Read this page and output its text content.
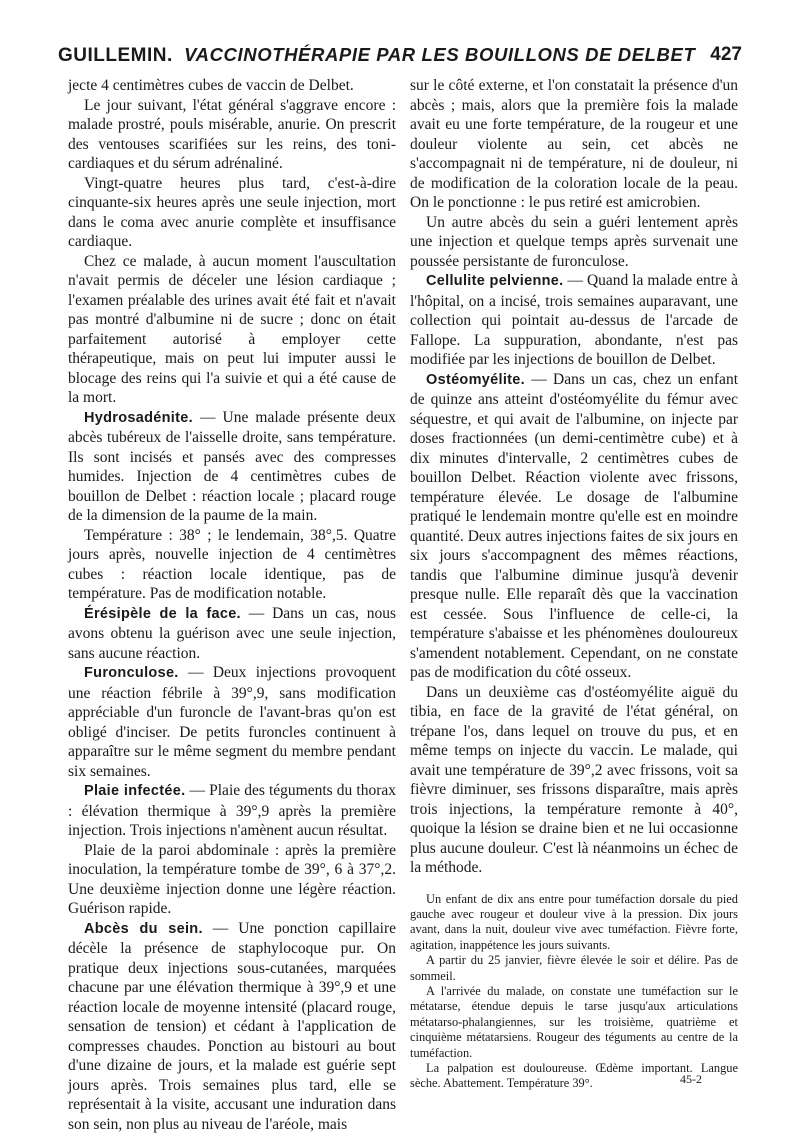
GUILLEMIN. VACCINOTHÉRAPIE PAR LES BOUILLONS DE DELBET 427

jecte 4 centimètres cubes de vaccin de Delbet.

Le jour suivant, l'état général s'aggrave encore : malade prostré, pouls misérable, anurie. On prescrit des ventouses scarifiées sur les reins, des toni-cardiaques et du sérum adrénaliné.

Vingt-quatre heures plus tard, c'est-à-dire cinquante-six heures après une seule injection, mort dans le coma avec anurie complète et insuffisance cardiaque.

Chez ce malade, à aucun moment l'auscultation n'avait permis de déceler une lésion cardiaque ; l'examen préalable des urines avait été fait et n'avait pas montré d'albumine ni de sucre ; donc on était parfaitement autorisé à employer cette thérapeutique, mais on peut lui imputer aussi le blocage des reins qui l'a suivie et qui a été cause de la mort.

Hydrosadénite. — Une malade présente deux abcès tubéreux de l'aisselle droite, sans température. Ils sont incisés et pansés avec des compresses humides. Injection de 4 centimètres cubes de bouillon de Delbet : réaction locale ; placard rouge de la dimension de la paume de la main.

Température : 38° ; le lendemain, 38°,5. Quatre jours après, nouvelle injection de 4 centimètres cubes : réaction locale identique, pas de température. Pas de modification notable.

Érésipèle de la face. — Dans un cas, nous avons obtenu la guérison avec une seule injection, sans aucune réaction.

Furonculose. — Deux injections provoquent une réaction fébrile à 39°,9, sans modification appréciable d'un furoncle de l'avant-bras qu'on est obligé d'inciser. De petits furoncles continuent à apparaître sur le même segment du membre pendant six semaines.

Plaie infectée. — Plaie des téguments du thorax : élévation thermique à 39°,9 après la première injection. Trois injections n'amènent aucun résultat.

Plaie de la paroi abdominale : après la première inoculation, la température tombe de 39°, 6 à 37°,2. Une deuxième injection donne une légère réaction. Guérison rapide.

Abcès du sein. — Une ponction capillaire décèle la présence de staphylocoque pur. On pratique deux injections sous-cutanées, marquées chacune par une élévation thermique à 39°,9 et une réaction locale de moyenne intensité (placard rouge, sensation de tension) et cédant à l'application de compresses chaudes. Ponction au bistouri au bout d'une dizaine de jours, et la malade est guérie sept jours après. Trois semaines plus tard, elle se représentait à la visite, accusant une induration dans son sein, non plus au niveau de l'aréole, mais

sur le côté externe, et l'on constatait la présence d'un abcès ; mais, alors que la première fois la malade avait eu une forte température, de la rougeur et une douleur violente au sein, cet abcès ne s'accompagnait ni de température, ni de douleur, ni de modification de la coloration locale de la peau. On le ponctionne : le pus retiré est amicrobien.

Un autre abcès du sein a guéri lentement après une injection et quelque temps après survenait une poussée persistante de furonculose.

Cellulite pelvienne. — Quand la malade entre à l'hôpital, on a incisé, trois semaines auparavant, une collection qui pointait au-dessus de l'arcade de Fallope. La suppuration, abondante, n'est pas modifiée par les injections de bouillon de Delbet.

Ostéomyélite. — Dans un cas, chez un enfant de quinze ans atteint d'ostéomyélite du fémur avec séquestre, et qui avait de l'albumine, on injecte par doses fractionnées (un demi-centimètre cube) et à dix minutes d'intervalle, 2 centimètres cubes de bouillon Delbet. Réaction violente avec frissons, température élevée. Le dosage de l'albumine pratiqué le lendemain montre qu'elle est en moindre quantité. Deux autres injections faites de six jours en six jours s'accompagnent des mêmes réactions, tandis que l'albumine diminue jusqu'à devenir presque nulle. Elle reparaît dès que la vaccination est cessée. Sous l'influence de celle-ci, la température s'abaisse et les phénomènes douloureux s'amendent notablement. Cependant, on ne constate pas de modification du côté osseux.

Dans un deuxième cas d'ostéomyélite aiguë du tibia, en face de la gravité de l'état général, on trépane l'os, dans lequel on trouve du pus, et en même temps on injecte du vaccin. Le malade, qui avait une température de 39°,2 avec frissons, voit sa fièvre diminuer, ses frissons disparaître, mais après trois injections, la température remonte à 40°, quoique la lésion se draine bien et ne lui occasionne plus aucune douleur. C'est là néanmoins un échec de la méthode.

Un enfant de dix ans entre pour tuméfaction dorsale du pied gauche avec rougeur et douleur vive à la pression. Dix jours avant, dans la nuit, douleur vive avec tuméfaction. Fièvre forte, agitation, inappétence les jours suivants.

A partir du 25 janvier, fièvre élevée le soir et délire. Pas de sommeil.

A l'arrivée du malade, on constate une tuméfaction sur le métatarse, étendue depuis le tarse jusqu'aux articulations métatarso-phalangiennes, sur les troisième, quatrième et cinquième métatarsiens. Rougeur des téguments au centre de la tuméfaction.

La palpation est douloureuse. Œdème important. Langue sèche. Abattement. Température 39°.	45-2
